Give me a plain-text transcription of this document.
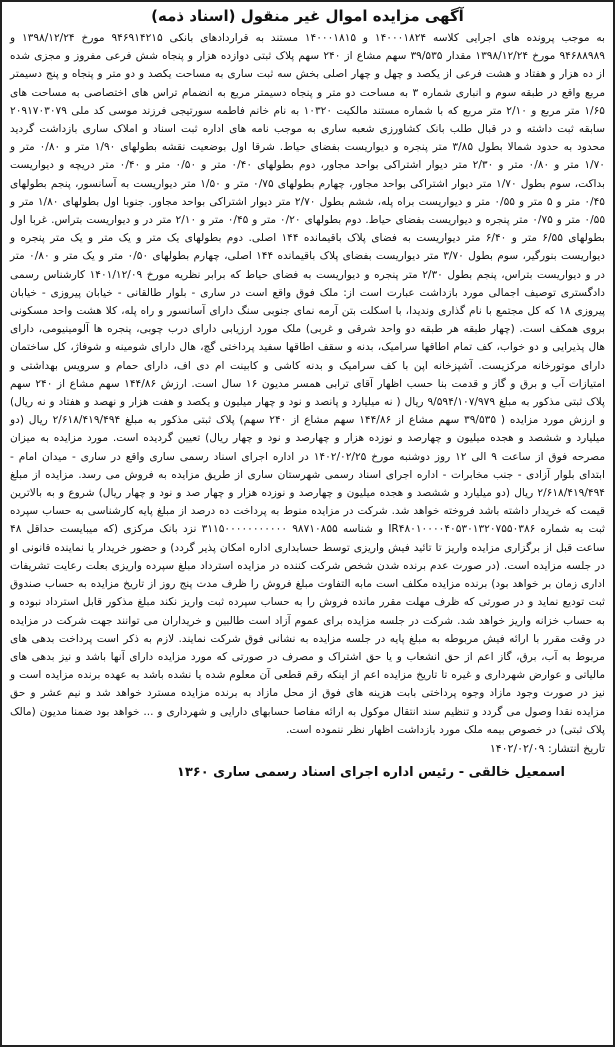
آگهی مزایده اموال غیر منقول (اسناد ذمه)

به موجب پرونده های اجرایی کلاسه ۱۴۰۰۰۱۸۲۴ و ۱۴۰۰۰۱۸۱۵ مستند به قراردادهای بانکی ۹۴۶۹۱۴۲۱۵ مورخ ۱۳۹۸/۱۲/۲۴ و ۹۴۶۸۸۹۸۹ مورخ ۱۳۹۸/۱۲/۲۴ مقدار ۳۹/۵۳۵ سهم مشاع از ۲۴۰ سهم پلاک ثبتی دوازده هزار و پنجاه شش فرعی مفروز و مجزی شده از ده هزار و هفتاد و هشت فرعی از یکصد و چهل و چهار اصلی بخش سه ثبت ساری به مساحت یکصد و دو متر و پنجاه و پنج دسیمتر مربع واقع در طبقه سوم و انباری شماره ۳ به مساحت دو متر و پنجاه دسیمتر مربع به انضمام تراس های اختصاصی به مساحت های ۱/۶۵ متر مربع و ۲/۱۰ متر مربع که با شماره مستند مالکیت ۱۰۳۲۰ به نام خانم فاطمه سورتیجی فرزند موسی کد ملی ۲۰۹۱۷۰۳۰۷۹ سابقه ثبت داشته و در قبال طلب بانک کشاورزی شعبه ساری به موجب نامه های اداره ثبت اسناد و املاک ساری بازداشت گردید محدود به حدود شمالا بطول ۳/۸۵ متر پنجره و دیواریست بفضای حیاط. شرقا اول بوضعیت نقشه بطولهای ۱/۹۰ متر و ۰/۸۰ متر و ۱/۷۰ متر و ۰/۸۰ متر و ۲/۳۰ متر دیوار اشتراکی بواحد مجاور، دوم بطولهای ۰/۴۰ متر و ۰/۵۰ متر و ۰/۴۰ متر دریچه و دیواریست بداکت، سوم بطول ۱/۷۰ متر دیوار اشتراکی بواحد مجاور، چهارم بطولهای ۰/۷۵ متر و ۱/۵۰ متر دیواریست به آسانسور، پنجم بطولهای ۰/۴۵ متر و ۵ متر و ۰/۵۵ متر و دیواریست براه پله، ششم بطول ۲/۷۰ متر دیوار اشتراکی بواحد مجاور. جنوبا اول بطولهای ۱/۸۰ متر و ۰/۵۵ متر و ۰/۷۵ متر پنجره و دیواریست بفضای حیاط. دوم بطولهای ۰/۲۰ متر و ۰/۴۵ متر و ۲/۱۰ متر در و دیواریست بتراس. غربا اول بطولهای ۶/۵۵ متر و ۶/۴۰ متر دیواریست به فضای پلاک باقیمانده ۱۴۴ اصلی. دوم بطولهای یک متر و یک متر و یک متر پنجره و دیواریست بنورگیر، سوم بطول ۳/۷۰ متر دیواریست بفضای پلاک باقیمانده ۱۴۴ اصلی، چهارم بطولهای ۰/۵۰ متر و یک متر و ۰/۸۰ متر در و دیواریست بتراس، پنجم بطول ۲/۳۰ متر پنجره و دیواریست به فضای حیاط که برابر نظریه مورخ ۱۴۰۱/۱۲/۰۹ کارشناس رسمی دادگستری توصیف اجمالی مورد بازداشت عبارت است از: ملک فوق واقع است در ساری - بلوار طالقانی - خیابان پیروزی - خیابان پیروزی ۱۸ که کل مجتمع با نام گذاری وندیدا، با اسکلت بتن آرمه نمای جنوبی سنگ دارای آسانسور و راه پله، کلا هشت واحد مسکونی بروی همکف است. (چهار طبقه هر طبقه دو واحد شرقی و غربی) ملک مورد ارزیابی دارای درب چوبی، پنجره ها آلومینیومی، دارای هال پذیرایی و دو خواب، کف تمام اطاقها سرامیک، بدنه و سقف اطاقها سفید پرداختی گچ، هال دارای شومینه و شوفاژ، کل ساختمان دارای موتورخانه مرکزیست. آشپزخانه اپن با کف سرامیک و بدنه کاشی و کابینت ام دی اف، دارای حمام و سرویس بهداشتی و امتیازات آب و برق و گاز و قدمت بنا حسب اظهار آقای ترابی همسر مدیون ۱۶ سال است. ارزش ۱۴۴/۸۶ سهم مشاع از ۲۴۰ سهم پلاک ثبتی مذکور به مبلغ ۹/۵۹۴/۱۰۷/۹۷۹ ریال ( نه میلیارد و پانصد و نود و چهار میلیون و یکصد و هفت هزار و نهصد و هفتاد و نه ریال) و ارزش مورد مزایده ( ۳۹/۵۳۵ سهم مشاع از ۱۴۴/۸۶ سهم مشاع از ۲۴۰ سهم) پلاک ثبتی مذکور به مبلغ ۲/۶۱۸/۴۱۹/۴۹۴ ریال (دو میلیارد و ششصد و هجده میلیون و چهارصد و نوزده هزار و چهارصد و نود و چهار ریال) تعیین گردیده است. مورد مزایده به میزان مصرحه فوق از ساعت ۹ الی ۱۲ روز دوشنبه مورخ ۱۴۰۲/۰۲/۲۵ در اداره اجرای اسناد رسمی ساری واقع در ساری - میدان امام - ابتدای بلوار آزادی - جنب مخابرات - اداره اجرای اسناد رسمی شهرستان ساری از طریق مزایده به فروش می رسد. مزایده از مبلغ ۲/۶۱۸/۴۱۹/۴۹۴ ریال (دو میلیارد و ششصد و هجده میلیون و چهارصد و نوزده هزار و چهار صد و نود و چهار ریال) شروع و به بالاترین قیمت که خریدار داشته باشد فروخته خواهد شد. شرکت در مزایده منوط به پرداخت ده درصد از مبلغ پایه کارشناسی به حساب سپرده ثبت به شماره IR۴۸۰۱۰۰۰۰۴۰۵۳۰۱۳۲۰۷۵۵۰۳۸۶ و شناسه ۹۸۷۱۰۸۵۵ ۳۱۱۵۰۰۰۰۰۰۰۰۰۰۰ نزد بانک مرکزی (که میبایست حداقل ۴۸ ساعت قبل از برگزاری مزایده واریز تا تائید فیش واریزی توسط حسابداری اداره امکان پذیر گردد) و حضور خریدار یا نماینده قانونی او در جلسه مزایده است. (در صورت عدم برنده شدن شخص شرکت کننده در مزایده استرداد مبلغ سپرده واریزی بعلت رعایت تشریفات اداری زمان بر خواهد بود) برنده مزایده مکلف است مابه التفاوت مبلغ فروش را ظرف مدت پنج روز از تاریخ مزایده به حساب صندوق ثبت تودیع نماید و در صورتی که ظرف مهلت مقرر مانده فروش را به حساب سپرده ثبت واریز نکند مبلغ مذکور قابل استرداد نبوده و به حساب خزانه واریز خواهد شد. شرکت در جلسه مزایده برای عموم آزاد است طالبین و خریداران می توانند جهت شرکت در مزایده در وقت مقرر با ارائه فیش مربوطه به مبلغ پایه در جلسه مزایده به نشانی فوق شرکت نمایند. لازم به ذکر است پرداخت بدهی های مربوط به آب، برق، گاز اعم از حق انشعاب و یا حق اشتراک و مصرف در صورتی که مورد مزایده دارای آنها باشد و نیز بدهی های مالیاتی و عوارض شهرداری و غیره تا تاریخ مزایده اعم از اینکه رقم قطعی آن معلوم شده یا نشده باشد به عهده برنده مزایده است و نیز در صورت وجود مازاد وجوه پرداختی بابت هزینه های فوق از محل مازاد به برنده مزایده مسترد خواهد شد و نیم عشر و حق مزایده نقدا وصول می گردد و تنظیم سند انتقال موکول به ارائه مفاصا حسابهای دارایی و شهرداری و ... خواهد بود ضمنا مدیون (مالک پلاک ثبتی) در خصوص بیمه ملک مورد بازداشت اظهار نظر ننموده است.

تاریخ انتشار: ۱۴۰۲/۰۲/۰۹
اسمعیل خالقی - رئیس اداره اجرای اسناد رسمی ساری ۱۳۶۰
